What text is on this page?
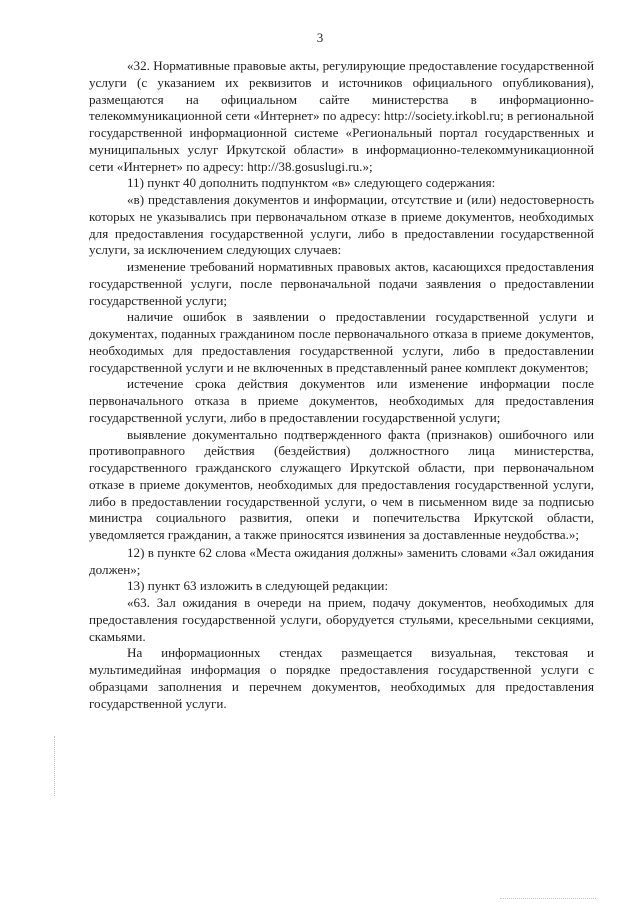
3

«32. Нормативные правовые акты, регулирующие предоставление государственной услуги (с указанием их реквизитов и источников официального опубликования), размещаются на официальном сайте министерства в информационно-телекоммуникационной сети «Интернет» по адресу: http://society.irkobl.ru; в региональной государственной информационной системе «Региональный портал государственных и муниципальных услуг Иркутской области» в информационно-телекоммуникационной сети «Интернет» по адресу: http://38.gosuslugi.ru.»;

11) пункт 40 дополнить подпунктом «в» следующего содержания:

«в) представления документов и информации, отсутствие и (или) недостоверность которых не указывались при первоначальном отказе в приеме документов, необходимых для предоставления государственной услуги, либо в предоставлении государственной услуги, за исключением следующих случаев:

изменение требований нормативных правовых актов, касающихся предоставления государственной услуги, после первоначальной подачи заявления о предоставлении государственной услуги;

наличие ошибок в заявлении о предоставлении государственной услуги и документах, поданных гражданином после первоначального отказа в приеме документов, необходимых для предоставления государственной услуги, либо в предоставлении государственной услуги и не включенных в представленный ранее комплект документов;

истечение срока действия документов или изменение информации после первоначального отказа в приеме документов, необходимых для предоставления государственной услуги, либо в предоставлении государственной услуги;

выявление документально подтвержденного факта (признаков) ошибочного или противоправного действия (бездействия) должностного лица министерства, государственного гражданского служащего Иркутской области, при первоначальном отказе в приеме документов, необходимых для предоставления государственной услуги, либо в предоставлении государственной услуги, о чем в письменном виде за подписью министра социального развития, опеки и попечительства Иркутской области, уведомляется гражданин, а также приносятся извинения за доставленные неудобства.»;

12) в пункте 62 слова «Места ожидания должны» заменить словами «Зал ожидания должен»;

13) пункт 63 изложить в следующей редакции:

«63. Зал ожидания в очереди на прием, подачу документов, необходимых для предоставления государственной услуги, оборудуется стульями, кресельными секциями, скамьями.

На информационных стендах размещается визуальная, текстовая и мультимедийная информация о порядке предоставления государственной услуги с образцами заполнения и перечнем документов, необходимых для предоставления государственной услуги.
